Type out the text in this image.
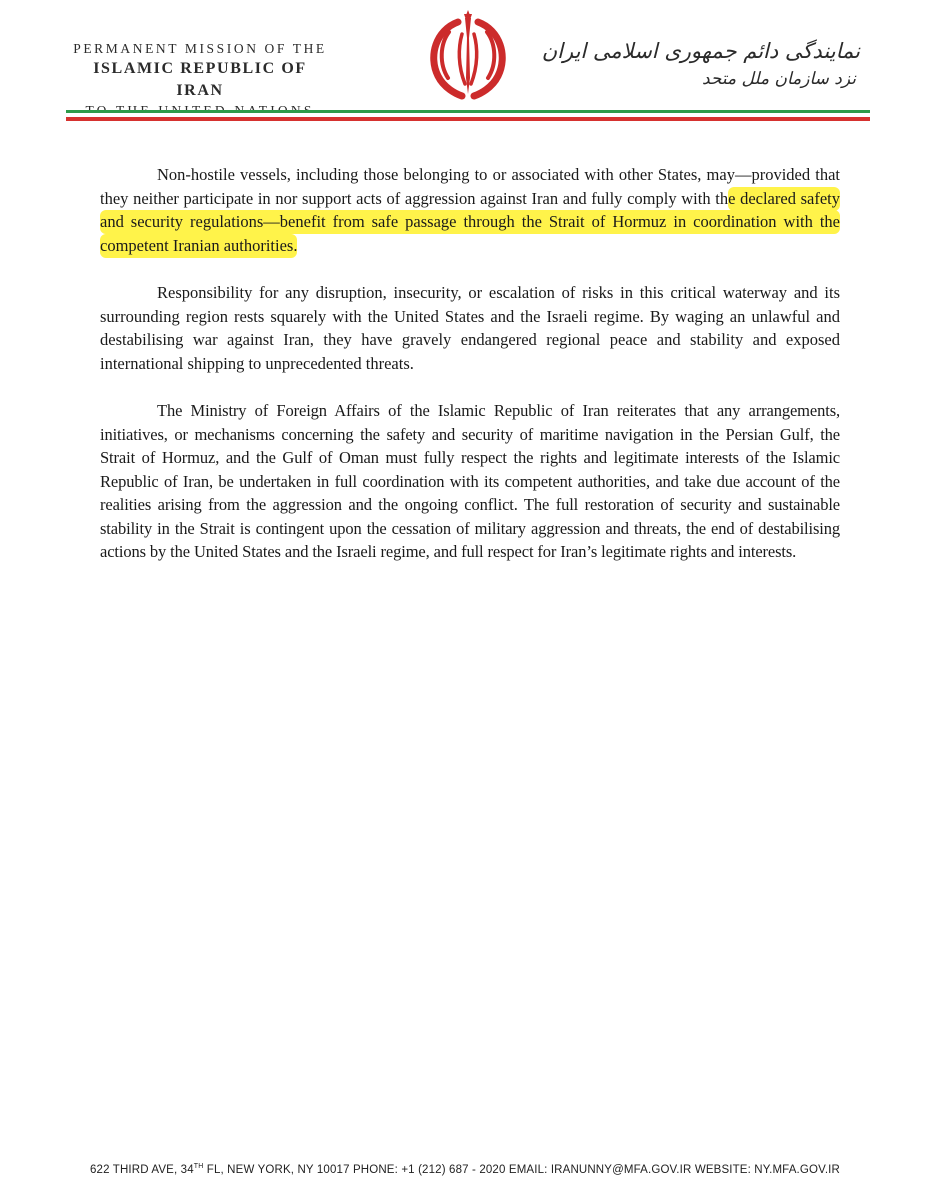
PERMANENT MISSION OF THE
ISLAMIC REPUBLIC OF IRAN
نمایندگی دائم جمهوری اسلامی ایران
نزد سازمان ملل متحد

Non-hostile vessels, including those belonging to or associated with other States, may—provided that they neither participate in nor support acts of aggression against Iran and fully comply with the declared safety and security regulations—benefit from safe passage through the Strait of Hormuz in coordination with the competent Iranian authorities.

Responsibility for any disruption, insecurity, or escalation of risks in this critical waterway and its surrounding region rests squarely with the United States and the Israeli regime. By waging an unlawful and destabilising war against Iran, they have gravely endangered regional peace and stability and exposed international shipping to unprecedented threats.

The Ministry of Foreign Affairs of the Islamic Republic of Iran reiterates that any arrangements, initiatives, or mechanisms concerning the safety and security of maritime navigation in the Persian Gulf, the Strait of Hormuz, and the Gulf of Oman must fully respect the rights and legitimate interests of the Islamic Republic of Iran, be undertaken in full coordination with its competent authorities, and take due account of the realities arising from the aggression and the ongoing conflict. The full restoration of security and sustainable stability in the Strait is contingent upon the cessation of military aggression and threats, the end of destabilising actions by the United States and the Israeli regime, and full respect for Iran’s legitimate rights and interests.

622 THIRD AVE, 34TH FL, NEW YORK, NY 10017 PHONE: +1 (212) 687 - 2020 EMAIL: IRANUNNY@MFA.GOV.IR WEBSITE: NY.MFA.GOV.IR
